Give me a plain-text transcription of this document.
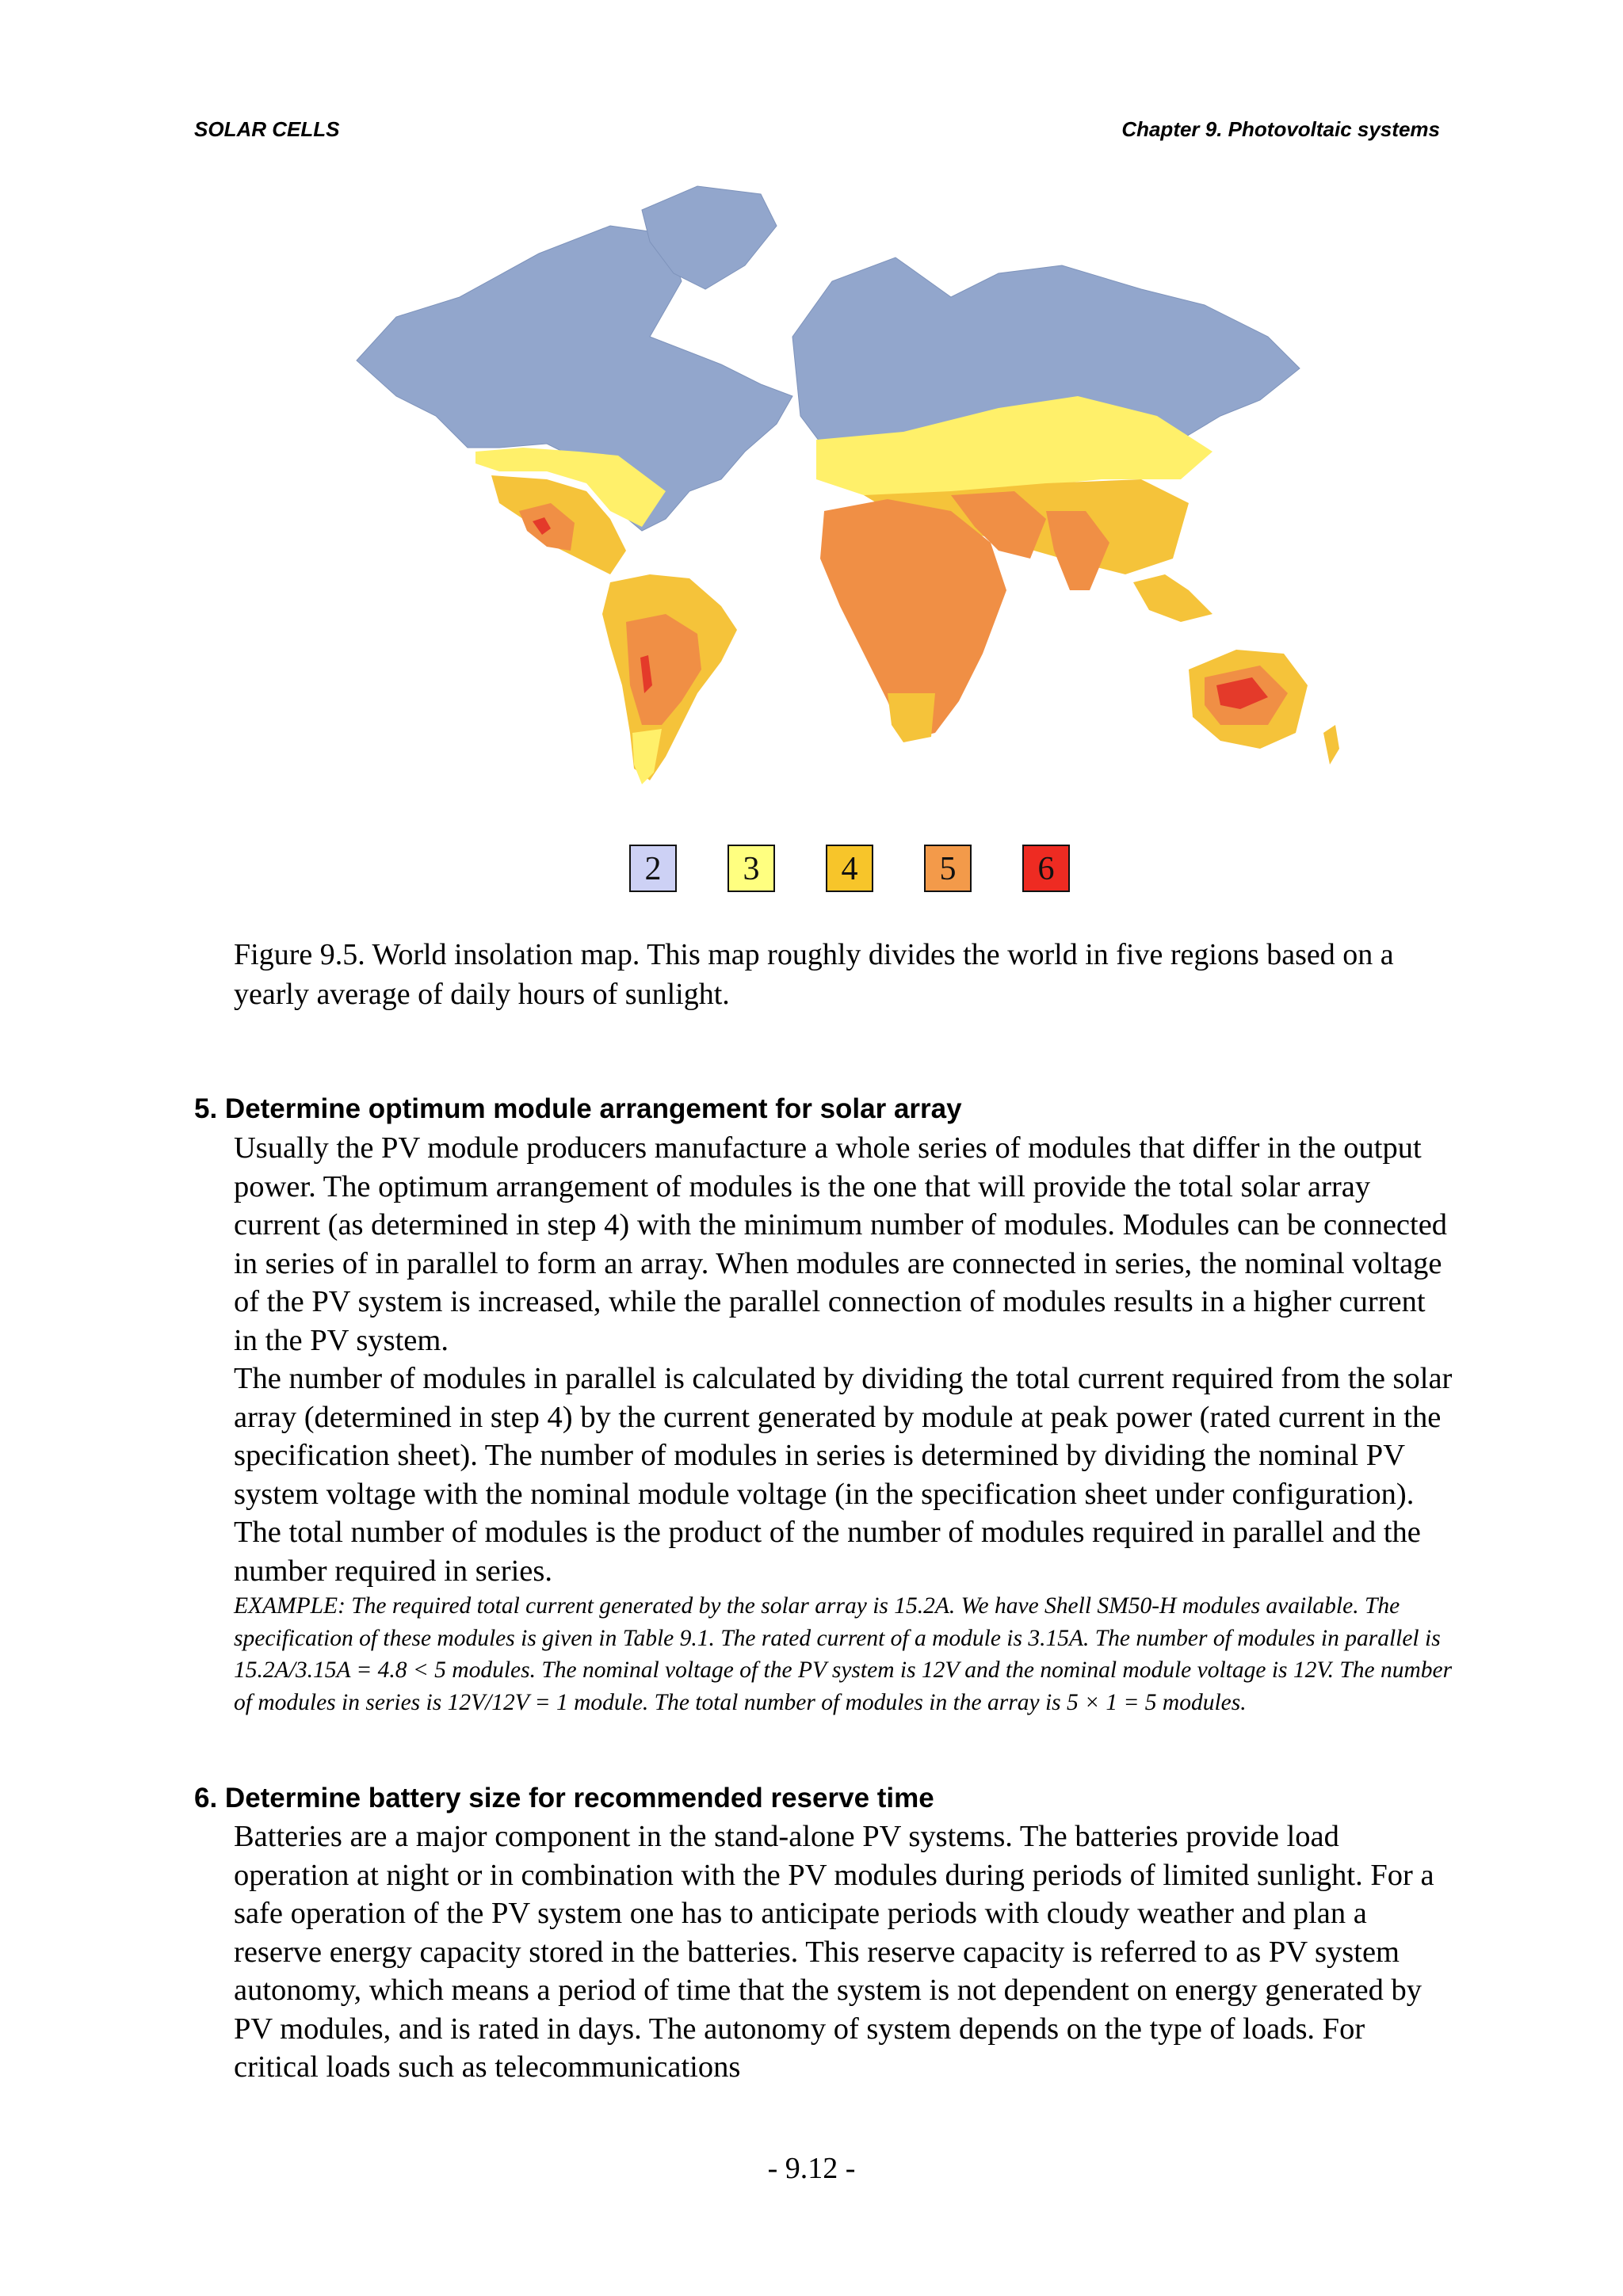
SOLAR CELLS	Chapter 9. Photovoltaic systems
2	3	4	5	6
Figure 9.5. World insolation map. This map roughly divides the world in five regions based on a yearly average of daily hours of sunlight.
5. Determine optimum module arrangement for solar array

Usually the PV module producers manufacture a whole series of modules that differ in the output power. The optimum arrangement of modules is the one that will provide the total solar array current (as determined in step 4) with the minimum number of modules. Modules can be connected in series of in parallel to form an array. When modules are connected in series, the nominal voltage of the PV system is increased, while the parallel connection of modules results in a higher current in the PV system.

The number of modules in parallel is calculated by dividing the total current required from the solar array (determined in step 4) by the current generated by module at peak power (rated current in the specification sheet). The number of modules in series is determined by dividing the nominal PV system voltage with the nominal module voltage (in the specification sheet under configuration). The total number of modules is the product of the number of modules required in parallel and the number required in series.

EXAMPLE: The required total current generated by the solar array is 15.2A. We have Shell SM50-H modules available. The specification of these modules is given in Table 9.1. The rated current of a module is 3.15A. The number of modules in parallel is 15.2A/3.15A = 4.8 < 5 modules. The nominal voltage of the PV system is 12V and the nominal module voltage is 12V. The number of modules in series is 12V/12V = 1 module. The total number of modules in the array is 5 × 1 = 5 modules.

6. Determine battery size for recommended reserve time

Batteries are a major component in the stand-alone PV systems. The batteries provide load operation at night or in combination with the PV modules during periods of limited sunlight. For a safe operation of the PV system one has to anticipate periods with cloudy weather and plan a reserve energy capacity stored in the batteries. This reserve capacity is referred to as PV system autonomy, which means a period of time that the system is not dependent on energy generated by PV modules, and is rated in days. The autonomy of system depends on the type of loads. For critical loads such as telecommunications

- 9.12 -
